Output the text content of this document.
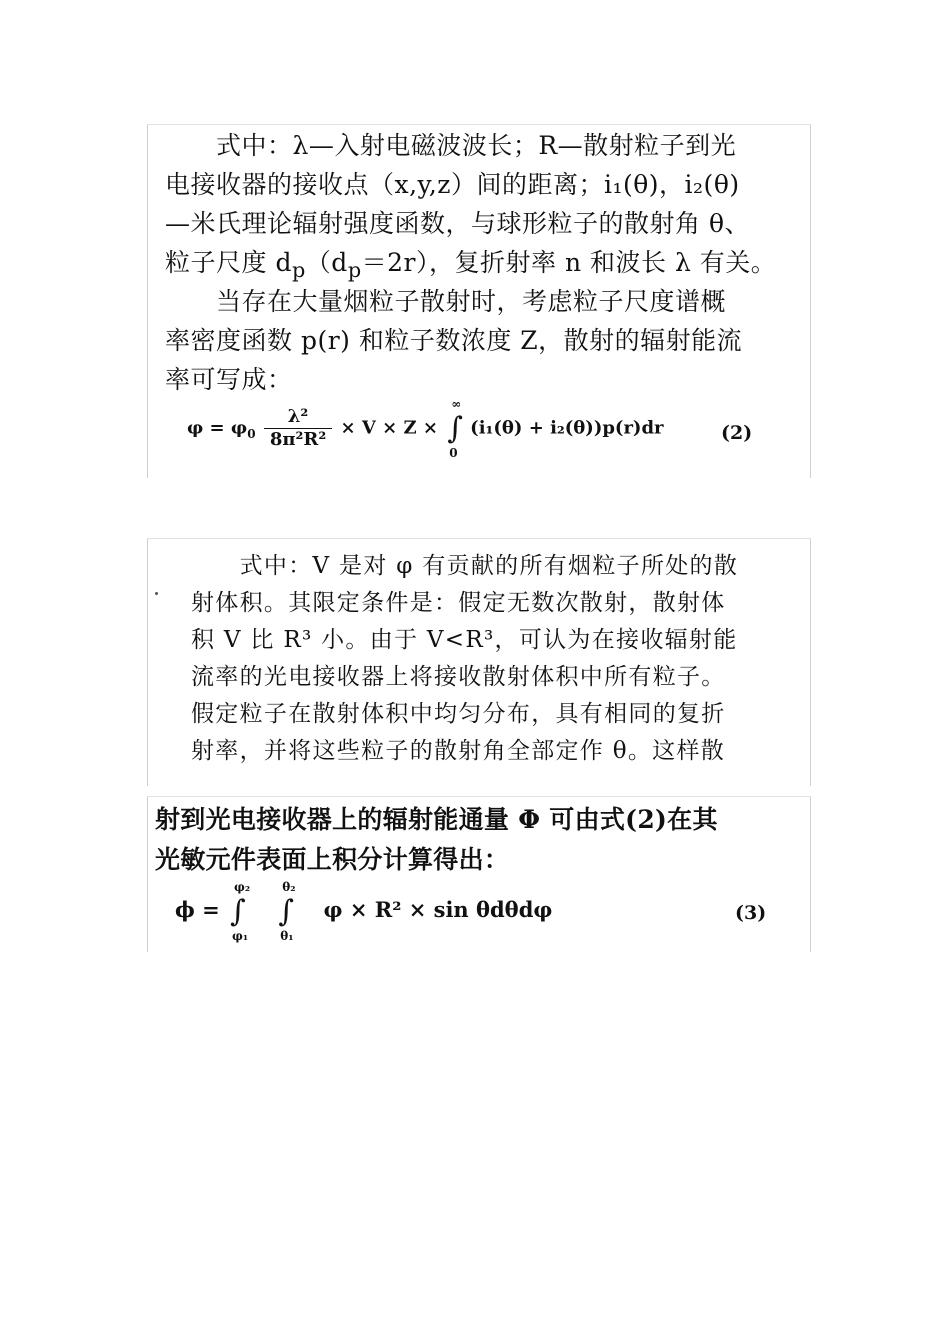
　　式中：λ—入射电磁波波长；R—散射粒子到光
电接收器的接收点（x,y,z）间的距离；i₁(θ)，i₂(θ)
—米氏理论辐射强度函数，与球形粒子的散射角 θ、
粒子尺度 $d_p(d_p=2r)$，复折射率 n 和波长 λ 有关。
　　当存在大量烟粒子散射时，考虑粒子尺度谱概
率密度函数 p(r) 和粒子数浓度 Z，散射的辐射能流
率可写成：
$\varphi = \varphi_0 \frac{\text{λ²}}{\text{8π²R²}} \times V \times Z$ × ∫
∞
0
(i₁(θ) + i₂(θ))p(r)dr	(2)
　　式中：V 是对 φ 有贡献的所有烟粒子所处的散
射体积。其限定条件是：假定无数次散射，散射体
积 V 比 R³ 小。由于 V<R³，可认为在接收辐射能
流率的光电接收器上将接收散射体积中所有粒子。
假定粒子在散射体积中均匀分布，具有相同的复折
射率，并将这些粒子的散射角全部定作 θ。这样散
射到光电接收器上的辐射能通量 Φ 可由式(2)在其
光敏元件表面上积分计算得出：
ϕ = ∫
φ₂
φ₁
∫
θ₂
θ₁
φ × R² × sin θdθdφ	(3)
